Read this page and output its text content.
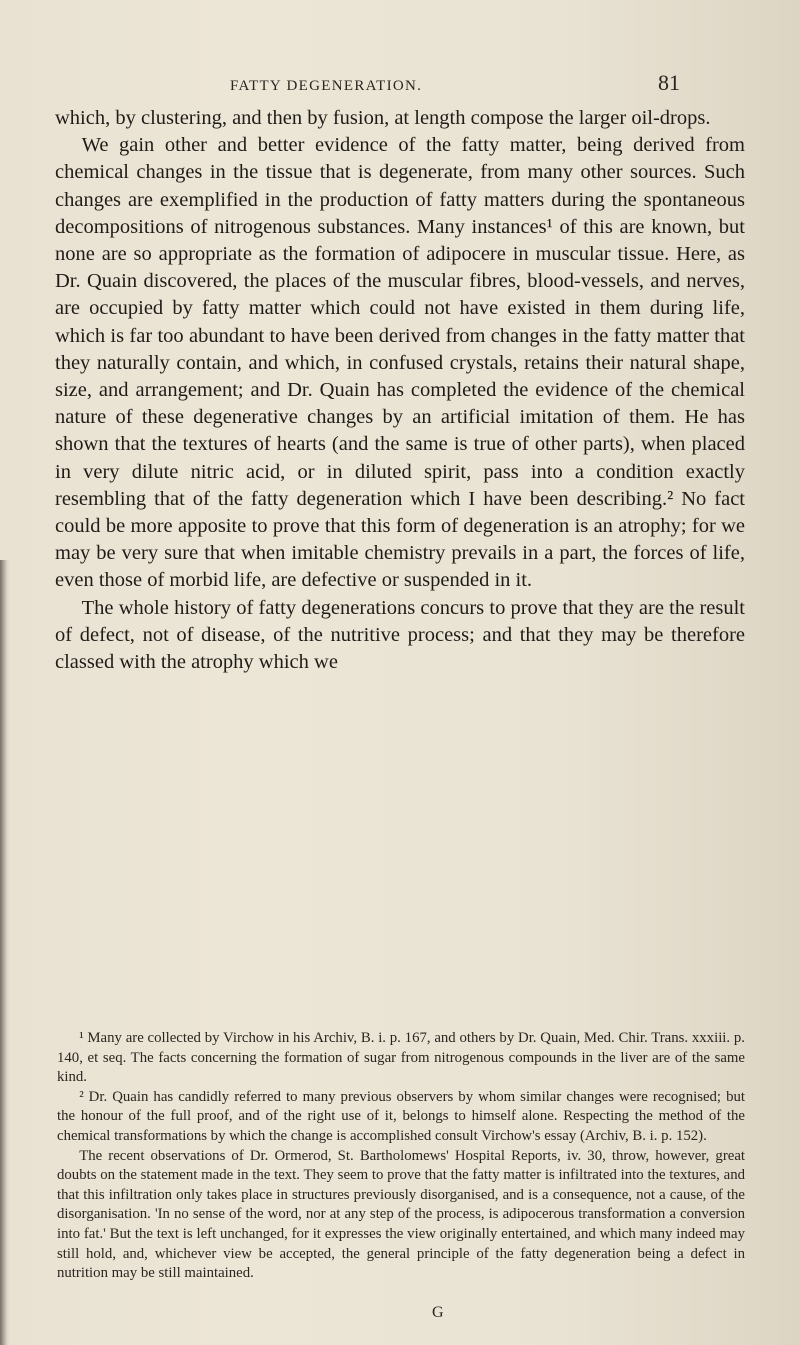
FATTY DEGENERATION.	81

which, by clustering, and then by fusion, at length compose the larger oil-drops.

We gain other and better evidence of the fatty matter, being derived from chemical changes in the tissue that is degenerate, from many other sources. Such changes are exemplified in the production of fatty matters during the spontaneous decompositions of nitrogenous substances. Many instances¹ of this are known, but none are so appropriate as the formation of adipocere in muscular tissue. Here, as Dr. Quain discovered, the places of the muscular fibres, blood-vessels, and nerves, are occupied by fatty matter which could not have existed in them during life, which is far too abundant to have been derived from changes in the fatty matter that they naturally contain, and which, in confused crystals, retains their natural shape, size, and arrangement; and Dr. Quain has completed the evidence of the chemical nature of these degenerative changes by an artificial imitation of them. He has shown that the textures of hearts (and the same is true of other parts), when placed in very dilute nitric acid, or in diluted spirit, pass into a condition exactly resembling that of the fatty degeneration which I have been describing.² No fact could be more apposite to prove that this form of degeneration is an atrophy; for we may be very sure that when imitable chemistry prevails in a part, the forces of life, even those of morbid life, are defective or suspended in it.

The whole history of fatty degenerations concurs to prove that they are the result of defect, not of disease, of the nutritive process; and that they may be therefore classed with the atrophy which we

¹ Many are collected by Virchow in his Archiv, B. i. p. 167, and others by Dr. Quain, Med. Chir. Trans. xxxiii. p. 140, et seq. The facts concerning the formation of sugar from nitrogenous compounds in the liver are of the same kind.

² Dr. Quain has candidly referred to many previous observers by whom similar changes were recognised; but the honour of the full proof, and of the right use of it, belongs to himself alone. Respecting the method of the chemical transformations by which the change is accomplished consult Virchow's essay (Archiv, B. i. p. 152).

The recent observations of Dr. Ormerod, St. Bartholomews' Hospital Reports, iv. 30, throw, however, great doubts on the statement made in the text. They seem to prove that the fatty matter is infiltrated into the textures, and that this infiltration only takes place in structures previously disorganised, and is a consequence, not a cause, of the disorganisation. 'In no sense of the word, nor at any step of the process, is adipocerous transformation a conversion into fat.' But the text is left unchanged, for it expresses the view originally entertained, and which many indeed may still hold, and, whichever view be accepted, the general principle of the fatty degeneration being a defect in nutrition may be still maintained.

G
